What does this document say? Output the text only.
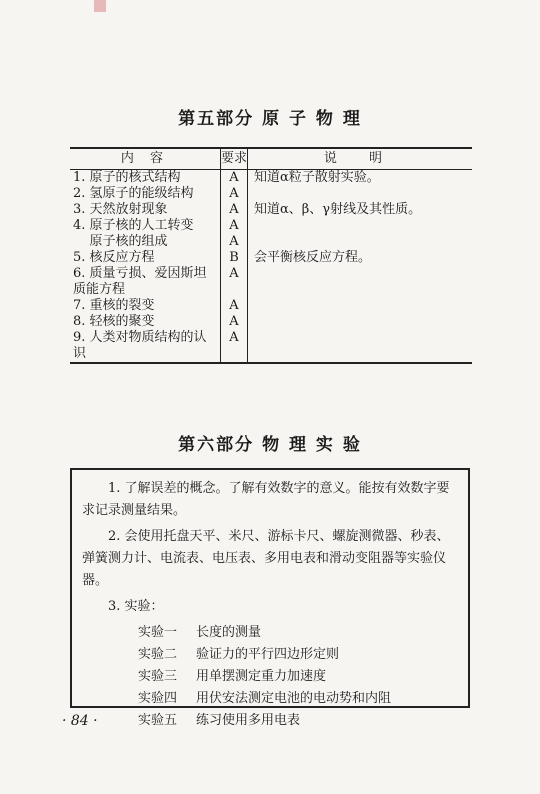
第五部分 原 子 物 理
内 容	要求	说 明
1. 原子的核式结构	A	知道α粒子散射实验。
2. 氢原子的能级结构	A	
3. 天然放射现象	A	知道α、β、γ射线及其性质。
4. 原子核的人工转变	A	
原子核的组成	A	
5. 核反应方程	B	会平衡核反应方程。
6. 质量亏损、爱因斯坦质能方程	A	
7. 重核的裂变	A	
8. 轻核的聚变	A	
9. 人类对物质结构的认识	A	
第六部分 物 理 实 验

1. 了解误差的概念。了解有效数字的意义。能按有效数字要求记录测量结果。

2. 会使用托盘天平、米尺、游标卡尺、螺旋测微器、秒表、弹簧测力计、电流表、电压表、多用电表和滑动变阻器等实验仪器。

3. 实验：

实验一 长度的测量

实验二 验证力的平行四边形定则

实验三 用单摆测定重力加速度

实验四 用伏安法测定电池的电动势和内阻

实验五 练习使用多用电表

· 84 ·
